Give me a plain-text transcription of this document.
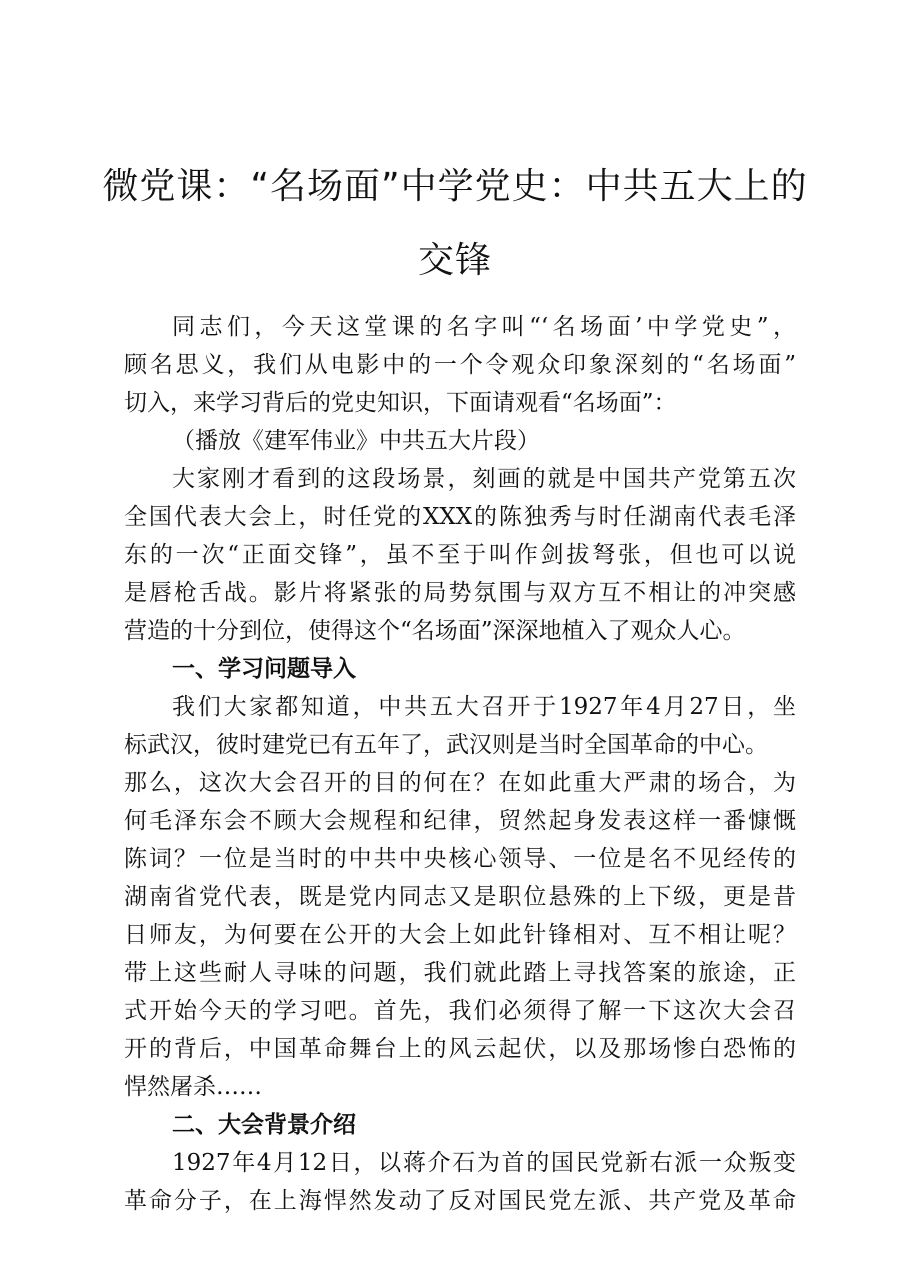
微党课：“名场面”中学党史：中共五大上的
交锋
同志们，今天这堂课的名字叫“‘名场面’中学党史”，
顾名思义，我们从电影中的一个令观众印象深刻的“名场面”
切入，来学习背后的党史知识，下面请观看“名场面”：
（播放《建军伟业》中共五大片段）
大家刚才看到的这段场景，刻画的就是中国共产党第五次
全国代表大会上，时任党的XXX的陈独秀与时任湖南代表毛泽
东的一次“正面交锋”，虽不至于叫作剑拔弩张，但也可以说
是唇枪舌战。影片将紧张的局势氛围与双方互不相让的冲突感
营造的十分到位，使得这个“名场面”深深地植入了观众人心。
一、学习问题导入
我们大家都知道，中共五大召开于1927年4月27日，坐
标武汉，彼时建党已有五年了，武汉则是当时全国革命的中心。
那么，这次大会召开的目的何在？在如此重大严肃的场合，为
何毛泽东会不顾大会规程和纪律，贸然起身发表这样一番慷慨
陈词？一位是当时的中共中央核心领导、一位是名不见经传的
湖南省党代表，既是党内同志又是职位悬殊的上下级，更是昔
日师友，为何要在公开的大会上如此针锋相对、互不相让呢？
带上这些耐人寻味的问题，我们就此踏上寻找答案的旅途，正
式开始今天的学习吧。首先，我们必须得了解一下这次大会召
开的背后，中国革命舞台上的风云起伏，以及那场惨白恐怖的
悍然屠杀……
二、大会背景介绍
1927年4月12日，以蒋介石为首的国民党新右派一众叛变
革命分子，在上海悍然发动了反对国民党左派、共产党及革命
